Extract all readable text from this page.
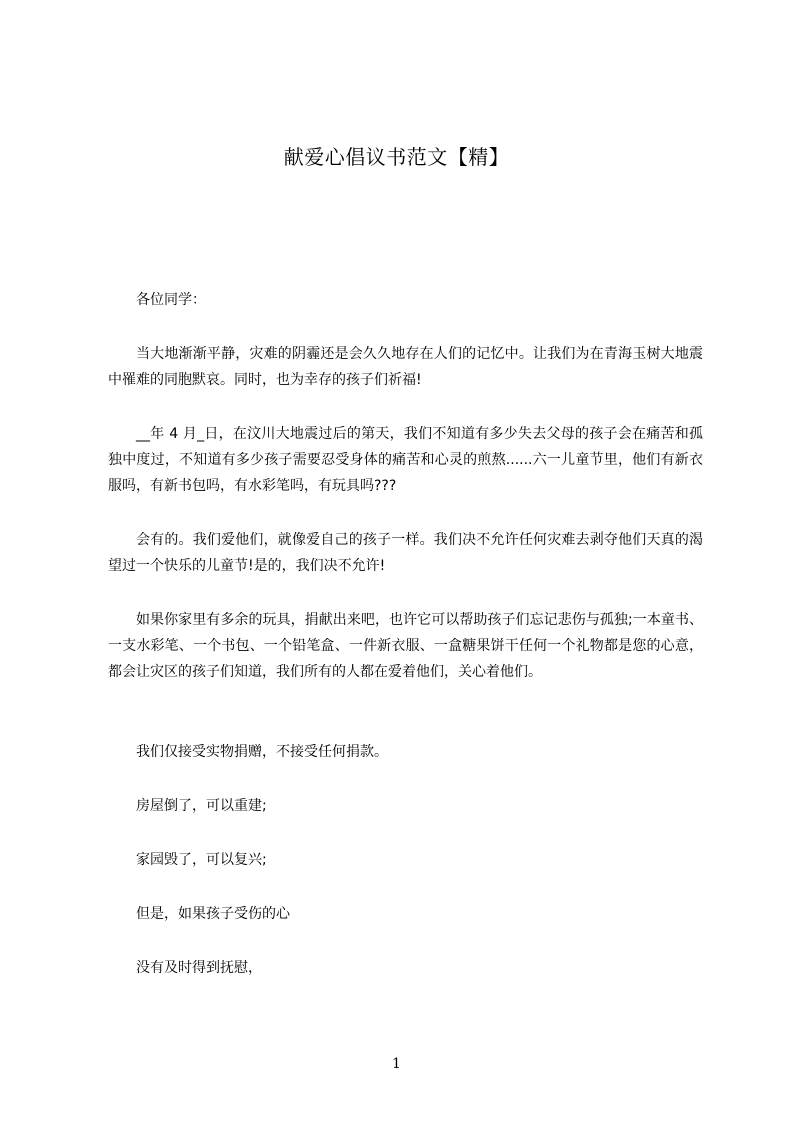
献爱心倡议书范文【精】

各位同学：

当大地渐渐平静，灾难的阴霾还是会久久地存在人们的记忆中。让我们为在青海玉树大地震中罹难的同胞默哀。同时，也为幸存的孩子们祈福!

__年 4 月_日，在汶川大地震过后的第天，我们不知道有多少失去父母的孩子会在痛苦和孤独中度过，不知道有多少孩子需要忍受身体的痛苦和心灵的煎熬......六一儿童节里，他们有新衣服吗，有新书包吗，有水彩笔吗，有玩具吗???

会有的。我们爱他们，就像爱自己的孩子一样。我们决不允许任何灾难去剥夺他们天真的渴望过一个快乐的儿童节!是的，我们决不允许!

如果你家里有多余的玩具，捐献出来吧，也许它可以帮助孩子们忘记悲伤与孤独;一本童书、一支水彩笔、一个书包、一个铅笔盒、一件新衣服、一盒糖果饼干任何一个礼物都是您的心意，都会让灾区的孩子们知道，我们所有的人都在爱着他们，关心着他们。

我们仅接受实物捐赠，不接受任何捐款。

房屋倒了，可以重建;

家园毁了，可以复兴;

但是，如果孩子受伤的心

没有及时得到抚慰，

1
